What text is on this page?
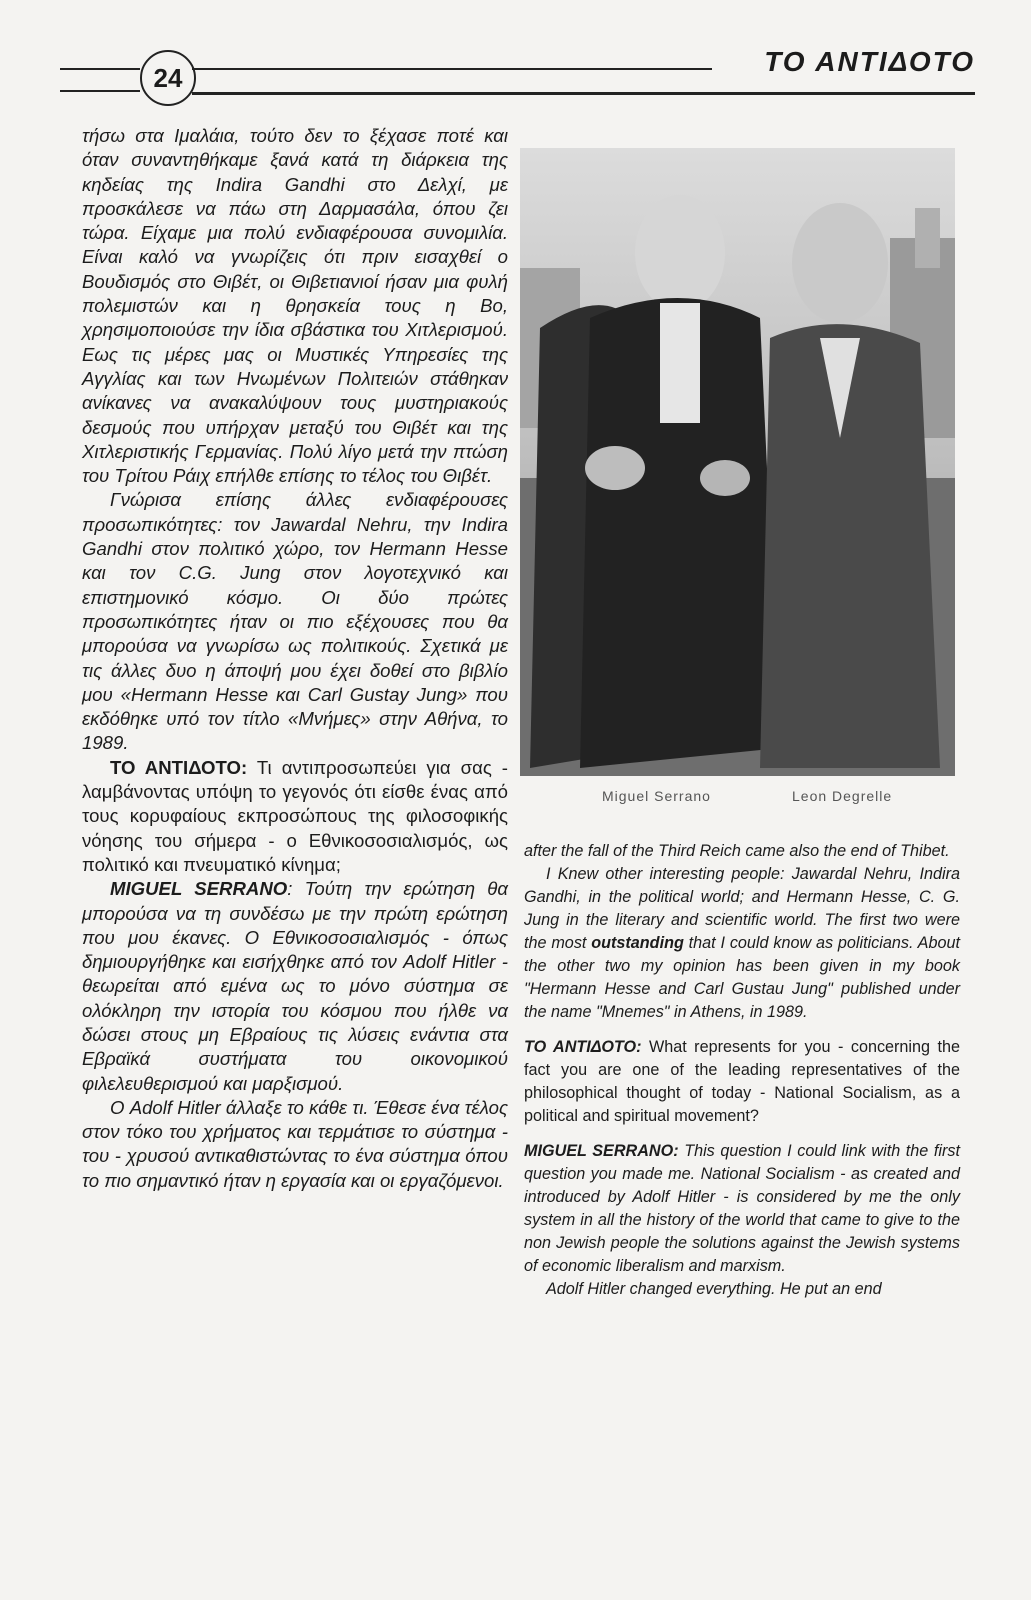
24
ΤΟ ΑΝΤΙΔΟΤΟ

τήσω στα Ιμαλάια, τούτο δεν το ξέχασε ποτέ και όταν συναντηθήκαμε ξανά κατά τη διάρκεια της κηδείας της Indira Gandhi στο Δελχί, με προσκάλεσε να πάω στη Δαρμασάλα, όπου ζει τώρα. Είχαμε μια πολύ ενδιαφέρουσα συνομιλία. Είναι καλό να γνωρίζεις ότι πριν εισαχθεί ο Βουδισμός στο Θιβέτ, οι Θιβετιανιοί ήσαν μια φυλή πολεμιστών και η θρησκεία τους η Βο, χρησιμοποιούσε την ίδια σβάστικα του Χιτλερισμού. Εως τις μέρες μας οι Μυστικές Υπηρεσίες της Αγγλίας και των Ηνωμένων Πολιτειών στάθηκαν ανίκανες να ανακαλύψουν τους μυστηριακούς δεσμούς που υπήρχαν μεταξύ του Θιβέτ και της Χιτλεριστικής Γερμανίας. Πολύ λίγο μετά την πτώση του Τρίτου Ράιχ επήλθε επίσης το τέλος του Θιβέτ.

Γνώρισα επίσης άλλες ενδιαφέρουσες προσωπικότητες: τον Jawardal Nehru, την Indira Gandhi στον πολιτικό χώρο, τον Hermann Hesse και τον C.G. Jung στον λογοτεχνικό και επιστημονικό κόσμο. Οι δύο πρώτες προσωπικότητες ήταν οι πιο εξέχουσες που θα μπορούσα να γνωρίσω ως πολιτικούς. Σχετικά με τις άλλες δυο η άποψή μου έχει δοθεί στο βιβλίο μου «Hermann Hesse και Carl Gustay Jung» που εκδόθηκε υπό τον τίτλο «Μνήμες» στην Αθήνα, το 1989.

ΤΟ ΑΝΤΙΔΟΤΟ: Τι αντιπροσωπεύει για σας - λαμβάνοντας υπόψη το γεγονός ότι είσθε ένας από τους κορυφαίους εκπροσώπους της φιλοσοφικής νόησης του σήμερα - ο Εθνικοσοσιαλισμός, ως πολιτικό και πνευματικό κίνημα;

MIGUEL SERRANO: Τούτη την ερώτηση θα μπορούσα να τη συνδέσω με την πρώτη ερώτηση που μου έκανες. Ο Εθνικοσοσιαλισμός - όπως δημιουργήθηκε και εισήχθηκε από τον Adolf Hitler - θεωρείται από εμένα ως το μόνο σύστημα σε ολόκληρη την ιστορία του κόσμου που ήλθε να δώσει στους μη Εβραίους τις λύσεις ενάντια στα Εβραϊκά συστήματα του οικονομικού φιλελευθερισμού και μαρξισμού.

Ο Adolf Hitler άλλαξε το κάθε τι. Έθεσε ένα τέλος στον τόκο του χρήματος και τερμάτισε το σύστημα - του - χρυσού αντικαθιστώντας το ένα σύστημα όπου το πιο σημαντικό ήταν η εργασία και οι εργαζόμενοι.

Miguel Serrano	Leon Degrelle

after the fall of the Third Reich came also the end of Thibet.

I Knew other interesting people: Jawardal Nehru, Indira Gandhi, in the political world; and Hermann Hesse, C. G. Jung in the literary and scientific world. The first two were the most outstanding that I could know as politicians. About the other two my opinion has been given in my book "Hermann Hesse and Carl Gustau Jung" published under the name "Mnemes" in Athens, in 1989.

ΤΟ ΑΝΤΙΔΟΤΟ: What represents for you - concerning the fact you are one of the leading representatives of the philosophical thought of today - National Socialism, as a political and spiritual movement?

MIGUEL SERRANO: This question I could link with the first question you made me. National Socialism - as created and introduced by Adolf Hitler - is considered by me the only system in all the history of the world that came to give to the non Jewish people the solutions against the Jewish systems of economic liberalism and marxism.

Adolf Hitler changed everything. He put an end
